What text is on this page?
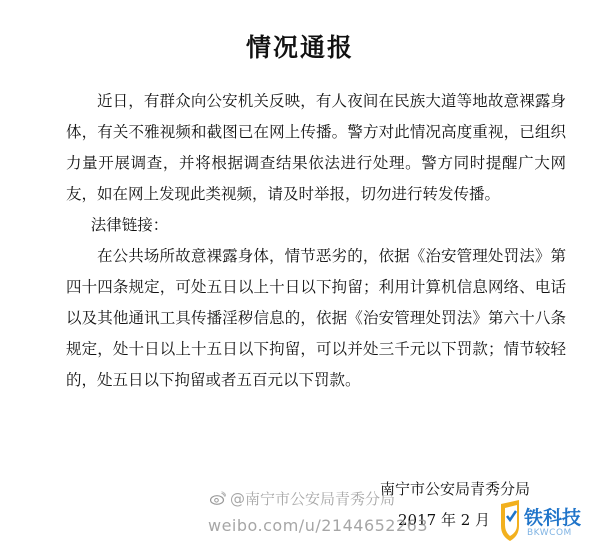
情况通报

近日，有群众向公安机关反映，有人夜间在民族大道等地故意裸露身体，有关不雅视频和截图已在网上传播。警方对此情况高度重视，已组织力量开展调查，并将根据调查结果依法进行处理。警方同时提醒广大网友，如在网上发现此类视频，请及时举报，切勿进行转发传播。

法律链接：

在公共场所故意裸露身体，情节恶劣的，依据《治安管理处罚法》第四十四条规定，可处五日以上十日以下拘留；利用计算机信息网络、电话以及其他通讯工具传播淫秽信息的，依据《治安管理处罚法》第六十八条规定，处十日以上十五日以下拘留，可以并处三千元以下罚款；情节较轻的，处五日以下拘留或者五百元以下罚款。

南宁市公安局青秀分局
2017 年 2 月
@南宁市公安局青秀分局
weibo.com/u/2144652263	铁科技
BKWCOM
